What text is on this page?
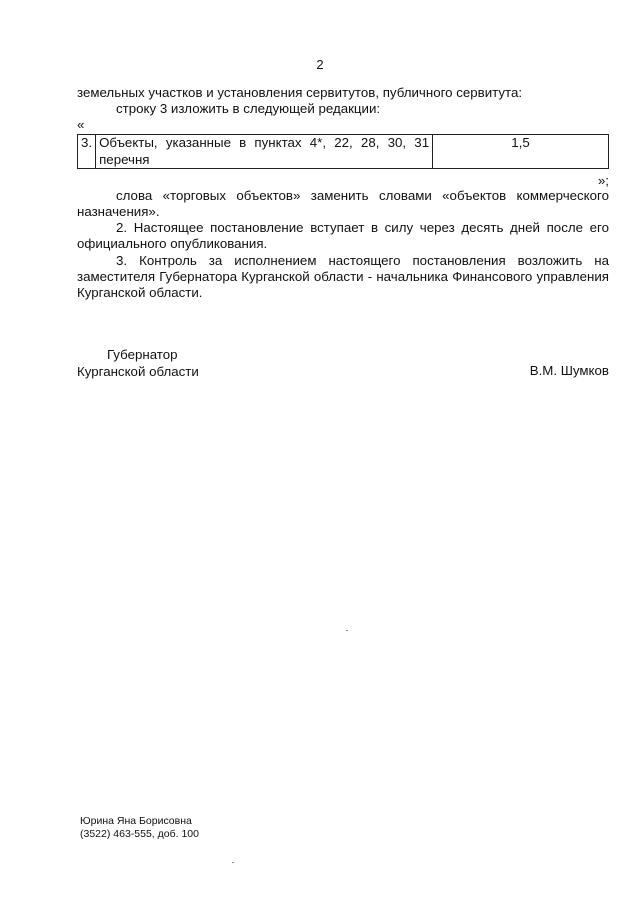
2

земельных участков и установления сервитутов, публичного сервитута:

строку 3 изложить в следующей редакции:

«

3.	Объекты, указанные в пунктах 4*, 22, 28, 30, 31
перечня
	1,5

»;

слова «торговых объектов» заменить словами «объектов коммерческого назначения».

2. Настоящее постановление вступает в силу через десять дней после его официального опубликования.

3. Контроль за исполнением настоящего постановления возложить на заместителя Губернатора Курганской области - начальника Финансового управления Курганской области.

Губернатор
Курганской области	В.М. Шумков
Юрина Яна Борисовна
(3522) 463-555, доб. 100
